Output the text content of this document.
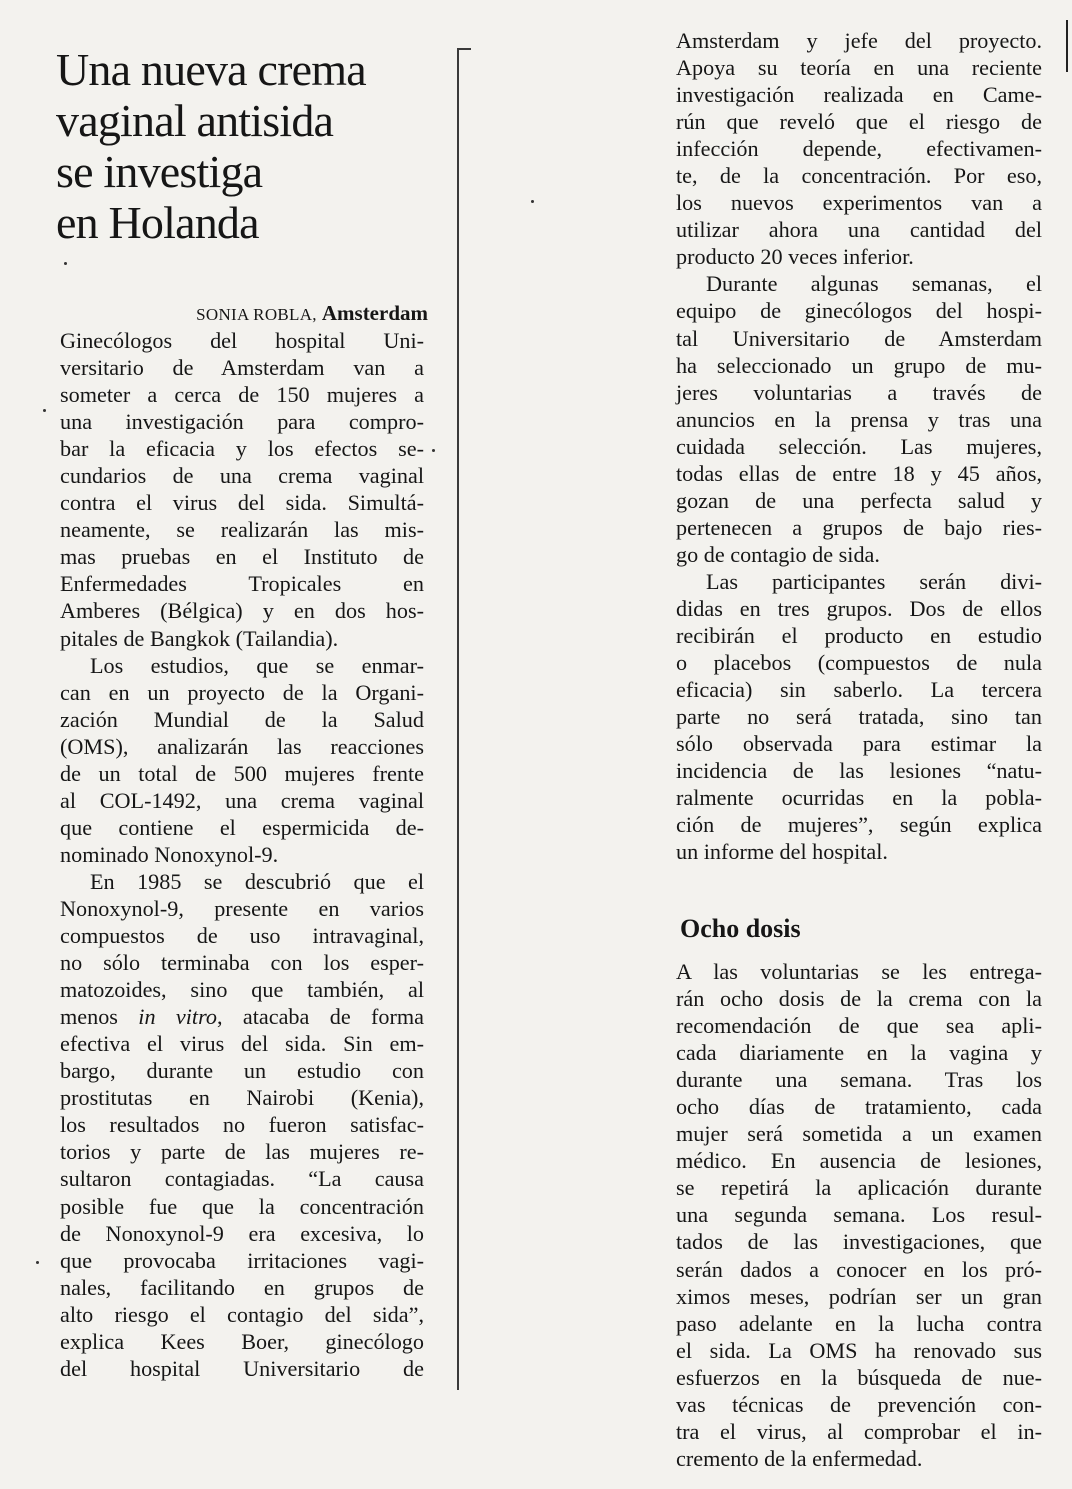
Una nueva crema
vaginal antisida
se investiga
en Holanda
SONIA ROBLA, Amsterdam
Ginecólogos del hospital Uni-
versitario de Amsterdam van a
someter a cerca de 150 mujeres a
una investigación para compro-
bar la eficacia y los efectos se-
cundarios de una crema vaginal
contra el virus del sida. Simultá-
neamente, se realizarán las mis-
mas pruebas en el Instituto de
Enfermedades Tropicales en
Amberes (Bélgica) y en dos hos-
pitales de Bangkok (Tailandia).
Los estudios, que se enmar-
can en un proyecto de la Organi-
zación Mundial de la Salud
(OMS), analizarán las reacciones
de un total de 500 mujeres frente
al COL-1492, una crema vaginal
que contiene el espermicida de-
nominado Nonoxynol-9.
En 1985 se descubrió que el
Nonoxynol-9, presente en varios
compuestos de uso intravaginal,
no sólo terminaba con los esper-
matozoides, sino que también, al
menos in vitro, atacaba de forma
efectiva el virus del sida. Sin em-
bargo, durante un estudio con
prostitutas en Nairobi (Kenia),
los resultados no fueron satisfac-
torios y parte de las mujeres re-
sultaron contagiadas. “La causa
posible fue que la concentración
de Nonoxynol-9 era excesiva, lo
que provocaba irritaciones vagi-
nales, facilitando en grupos de
alto riesgo el contagio del sida”,
explica Kees Boer, ginecólogo
del hospital Universitario de
Amsterdam y jefe del proyecto.
Apoya su teoría en una reciente
investigación realizada en Came-
rún que reveló que el riesgo de
infección depende, efectivamen-
te, de la concentración. Por eso,
los nuevos experimentos van a
utilizar ahora una cantidad del
producto 20 veces inferior.
Durante algunas semanas, el
equipo de ginecólogos del hospi-
tal Universitario de Amsterdam
ha seleccionado un grupo de mu-
jeres voluntarias a través de
anuncios en la prensa y tras una
cuidada selección. Las mujeres,
todas ellas de entre 18 y 45 años,
gozan de una perfecta salud y
pertenecen a grupos de bajo ries-
go de contagio de sida.
Las participantes serán divi-
didas en tres grupos. Dos de ellos
recibirán el producto en estudio
o placebos (compuestos de nula
eficacia) sin saberlo. La tercera
parte no será tratada, sino tan
sólo observada para estimar la
incidencia de las lesiones “natu-
ralmente ocurridas en la pobla-
ción de mujeres”, según explica
un informe del hospital.
Ocho dosis
A las voluntarias se les entrega-
rán ocho dosis de la crema con la
recomendación de que sea apli-
cada diariamente en la vagina y
durante una semana. Tras los
ocho días de tratamiento, cada
mujer será sometida a un examen
médico. En ausencia de lesiones,
se repetirá la aplicación durante
una segunda semana. Los resul-
tados de las investigaciones, que
serán dados a conocer en los pró-
ximos meses, podrían ser un gran
paso adelante en la lucha contra
el sida. La OMS ha renovado sus
esfuerzos en la búsqueda de nue-
vas técnicas de prevención con-
tra el virus, al comprobar el in-
cremento de la enfermedad.
